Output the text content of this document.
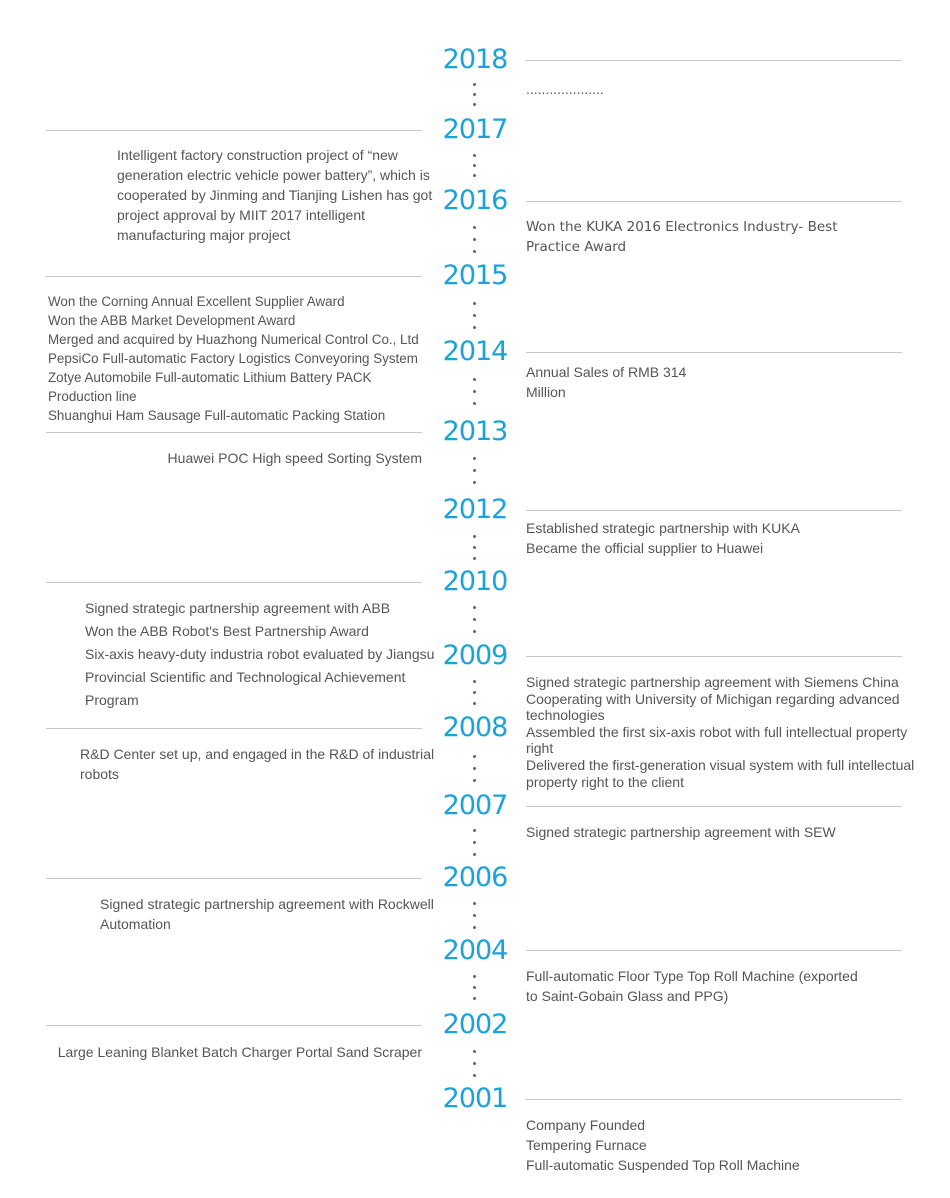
2018
2017
2016
2015
2014
2013
2012
2010
2009
2008
2007
2006
2004
2002
2001

....................

Intelligent factory construction project of “new

generation electric vehicle power battery”, which is

cooperated by Jinming and Tianjing Lishen has got

project approval by MIIT 2017 intelligent

manufacturing major project	Won the KUKA 2016 Electronics Industry- Best

Practice Award

Won the Corning Annual Excellent Supplier Award

Won the ABB Market Development Award

Merged and acquired by Huazhong Numerical Control Co., Ltd

PepsiCo Full-automatic Factory Logistics Conveyoring System

Zotye Automobile Full-automatic Lithium Battery PACK

Production line

Shuanghui Ham Sausage Full-automatic Packing Station

Annual Sales of RMB 314

Million

Huawei POC High speed Sorting System

Established strategic partnership with KUKA

Became the official supplier to Huawei

Signed strategic partnership agreement with ABB

Won the ABB Robot's Best Partnership Award

Six-axis heavy-duty industria robot evaluated by Jiangsu

Provincial Scientific and Technological Achievement

Program

Signed strategic partnership agreement with Siemens China

Cooperating with University of Michigan regarding advanced

technologies

Assembled the first six-axis robot with full intellectual property

right

Delivered the first-generation visual system with full intellectual

property right to the client

R&D Center set up, and engaged in the R&D of industrial

robots

Signed strategic partnership agreement with SEW

Signed strategic partnership agreement with Rockwell

Automation

Full-automatic Floor Type Top Roll Machine (exported

to Saint-Gobain Glass and PPG)

Large Leaning Blanket Batch Charger Portal Sand Scraper

Company Founded

Tempering Furnace

Full-automatic Suspended Top Roll Machine
